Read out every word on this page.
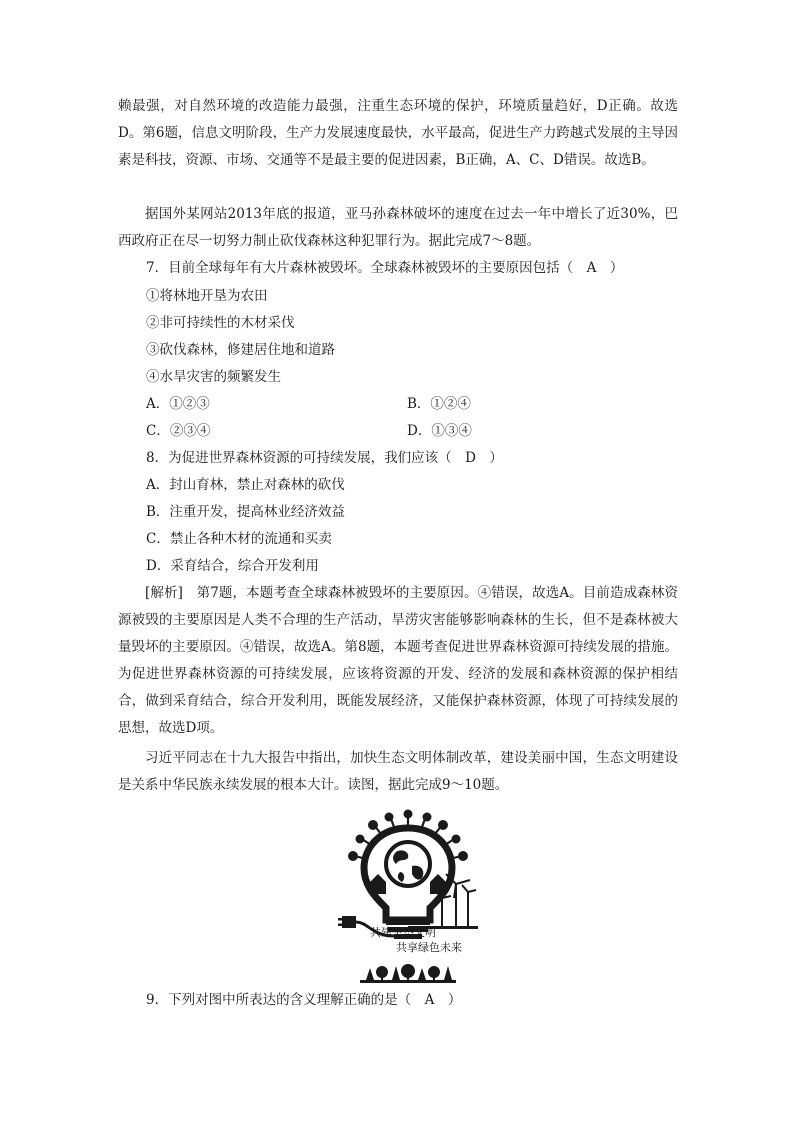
赖最强，对自然环境的改造能力最强，注重生态环境的保护，环境质量趋好，D正确。故选D。第6题，信息文明阶段，生产力发展速度最快，水平最高，促进生产力跨越式发展的主导因素是科技，资源、市场、交通等不是最主要的促进因素，B正确，A、C、D错误。故选B。
据国外某网站2013年底的报道，亚马孙森林破坏的速度在过去一年中增长了近30%，巴西政府正在尽一切努力制止砍伐森林这种犯罪行为。据此完成7～8题。
7．目前全球每年有大片森林被毁坏。全球森林被毁坏的主要原因包括（　A　）
①将林地开垦为农田
②非可持续性的木材采伐
③砍伐森林，修建居住地和道路
④水旱灾害的频繁发生
A．①②③	B．①②④
C．②③④	D．①③④
8．为促进世界森林资源的可持续发展，我们应该（　D　）
A．封山育林，禁止对森林的砍伐
B．注重开发，提高林业经济效益
C．禁止各种木材的流通和买卖
D．采育结合，综合开发利用
[解析]　第7题，本题考查全球森林被毁坏的主要原因。④错误，故选A。目前造成森林资源被毁的主要原因是人类不合理的生产活动，旱涝灾害能够影响森林的生长，但不是森林被大量毁坏的主要原因。④错误，故选A。第8题，本题考查促进世界森林资源可持续发展的措施。为促进世界森林资源的可持续发展，应该将资源的开发、经济的发展和森林资源的保护相结合，做到采育结合，综合开发利用，既能发展经济，又能保护森林资源，体现了可持续发展的思想，故选D项。
习近平同志在十九大报告中指出，加快生态文明体制改革，建设美丽中国，生态文明建设是关系中华民族永续发展的根本大计。读图，据此完成9～10题。
共建生态文明
共享绿色未来
9．下列对图中所表达的含义理解正确的是（　A　）
